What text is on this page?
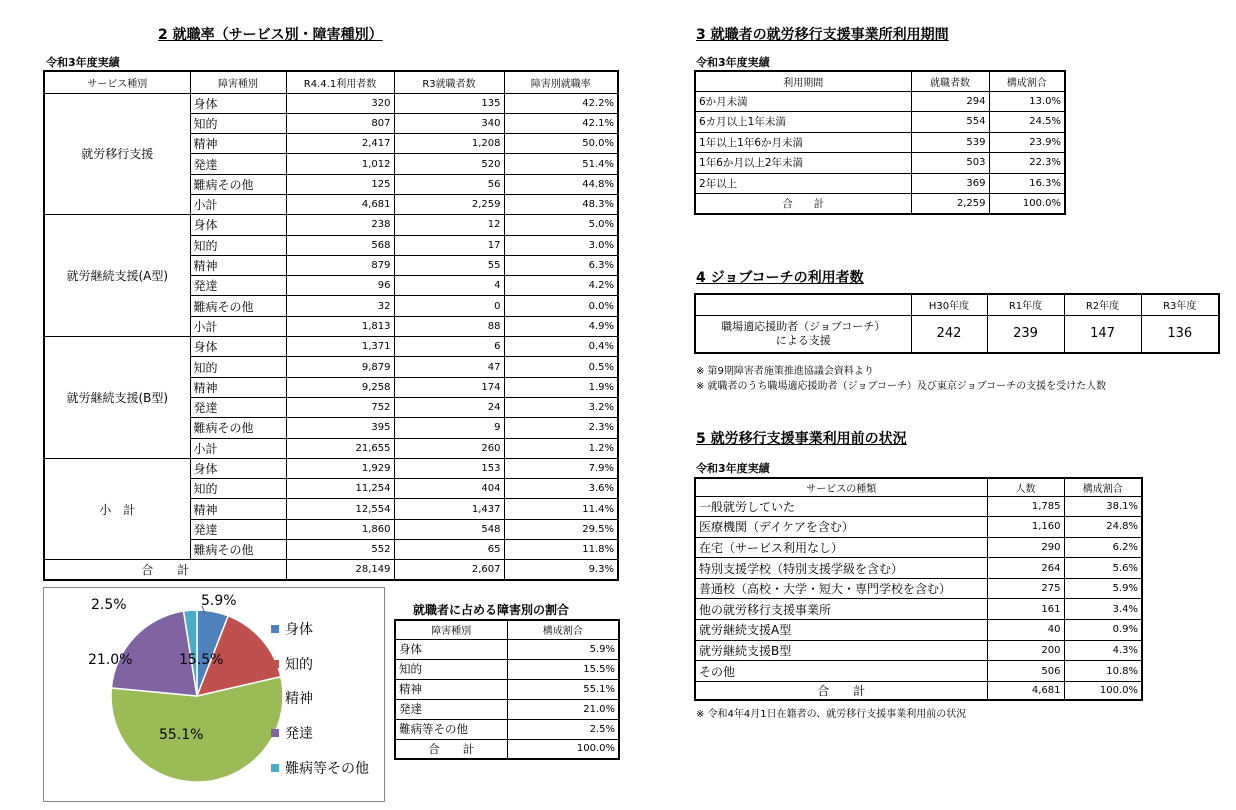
2 就職率（サービス別・障害種別）
令和3年度実績
サービス種別	障害種別	R4.4.1利用者数	R3就職者数	障害別就職率
就労移行支援	身体	320	135	42.2%
	知的	807	340	42.1%
	精神	2,417	1,208	50.0%
	発達	1,012	520	51.4%
	難病その他	125	56	44.8%
	小計	4,681	2,259	48.3%
就労継続支援(A型)	身体	238	12	5.0%
	知的	568	17	3.0%
	精神	879	55	6.3%
	発達	96	4	4.2%
	難病その他	32	0	0.0%
	小計	1,813	88	4.9%
就労継続支援(B型)	身体	1,371	6	0.4%
	知的	9,879	47	0.5%
	精神	9,258	174	1.9%
	発達	752	24	3.2%
	難病その他	395	9	2.3%
	小計	21,655	260	1.2%
小　計	身体	1,929	153	7.9%
	知的	11,254	404	3.6%
	精神	12,554	1,437	11.4%
	発達	1,860	548	29.5%
	難病その他	552	65	11.8%
合　　計		28,149	2,607	9.3%
2.5%	5.9%
15.5%
21.0%
55.1%
身体
知的
精神
発達
難病等その他
就職者に占める障害別の割合
障害種別	構成割合
身体	5.9%
知的	15.5%
精神	55.1%
発達	21.0%
難病等その他	2.5%
合　　計	100.0%
3 就職者の就労移行支援事業所利用期間
令和3年度実績
利用期間	就職者数	構成割合
6か月未満	294	13.0%
6カ月以上1年未満	554	24.5%
1年以上1年6か月未満	539	23.9%
1年6か月以上2年未満	503	22.3%
2年以上	369	16.3%
合　　計	2,259	100.0%
4 ジョブコーチの利用者数
	H30年度	R1年度	R2年度	R3年度

職場適応援助者（ジョブコーチ）
による支援	242	239	147	136
※ 第9期障害者施策推進協議会資料より
※ 就職者のうち職場適応援助者（ジョブコーチ）及び東京ジョブコーチの支援を受けた人数
5 就労移行支援事業利用前の状況
令和3年度実績
サービスの種類	人数	構成割合
一般就労していた	1,785	38.1%
医療機関（デイケアを含む）	1,160	24.8%
在宅（サービス利用なし）	290	6.2%
特別支援学校（特別支援学級を含む）	264	5.6%
普通校（高校・大学・短大・専門学校を含む）	275	5.9%
他の就労移行支援事業所	161	3.4%
就労継続支援A型	40	0.9%
就労継続支援B型	200	4.3%
その他	506	10.8%
合　　計	4,681	100.0%
※ 令和4年4月1日在籍者の、就労移行支援事業利用前の状況
